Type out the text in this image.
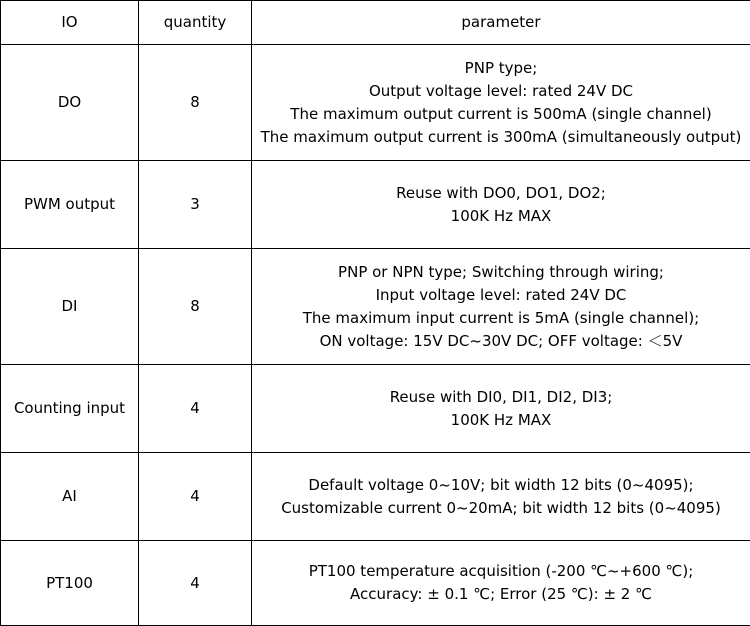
IO	quantity	parameter
DO	8	PNP type;
Output voltage level: rated 24V DC
The maximum output current is 500mA (single channel)
The maximum output current is 300mA (simultaneously output)

PWM output	3	Reuse with DO0, DO1, DO2;
100K Hz MAX

DI	8	PNP or NPN type; Switching through wiring;
Input voltage level: rated 24V DC
The maximum input current is 5mA (single channel);
ON voltage: 15V DC~30V DC; OFF voltage: ＜5V

Counting input	4	Reuse with DI0, DI1, DI2, DI3;
100K Hz MAX

AI	4	Default voltage 0~10V; bit width 12 bits (0~4095);
Customizable current 0~20mA; bit width 12 bits (0~4095)

PT100	4	PT100 temperature acquisition (-200 ℃~+600 ℃);
Accuracy: ± 0.1 ℃; Error (25 ℃): ± 2 ℃
